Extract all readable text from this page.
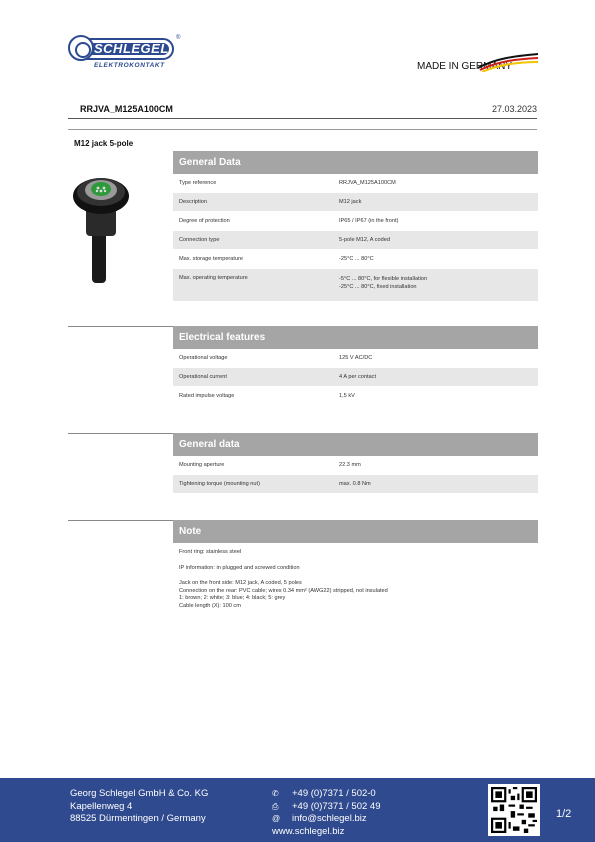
SCHLEGEL
®
ELEKTROKONTAKT	MADE IN GERMANY
RRJVA_M125A100CM	27.03.2023
M12 jack 5-pole
General Data
Type reference	RRJVA_M125A100CM
Description	M12 jack
Degree of protection	IP65 / IP67 (in the front)
Connection type	5-pole M12, A coded
Max. storage temperature	-25°C ... 80°C
Max. operating temperature	-5°C ... 80°C, for flexible installation
-25°C ... 80°C, fixed installation
Electrical features
Operational voltage	125 V AC/DC
Operational current	4 A per contact
Rated impulse voltage	1,5 kV
General data
Mounting aperture	22.3 mm
Tightening torque (mounting nut)	max. 0.8 Nm
Note

Front ring: stainless steel

IP information: in plugged and screwed condition

Jack on the front side: M12 jack, A coded, 5 poles
Connection on the rear: PVC cable; wires 0.34 mm² (AWG22) stripped, not insulated
1: brown; 2: white; 3: blue; 4: black; 5: grey
Cable length (X): 100 cm
Georg Schlegel GmbH & Co. KG
Kapellenweg 4
88525 Dürmentingen / Germany
✆	+49 (0)7371 / 502-0
⎙	+49 (0)7371 / 502 49
@	info@schlegel.biz
www.schlegel.biz
1/2
